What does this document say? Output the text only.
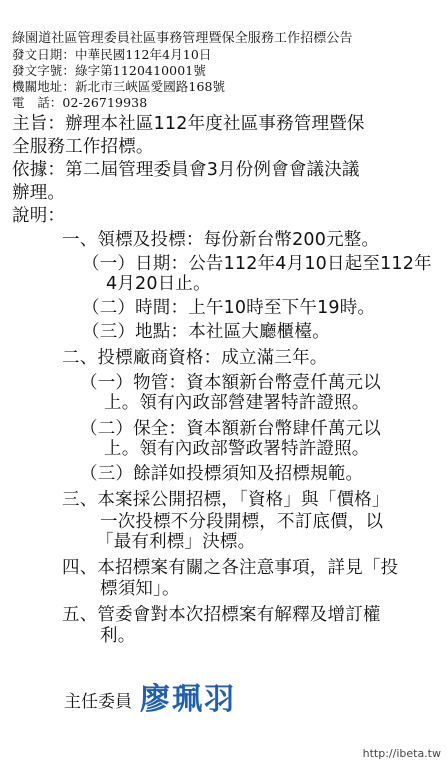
綠園道社區管理委員社區事務管理暨保全服務工作招標公告
發文日期：中華民國112年4月10日
發文字號：綠字第1120410001號
機關地址：新北市三峽區愛國路168號
電　話：02-26719938
主旨：辦理本社區112年度社區事務管理暨保
全服務工作招標。
依據：第二屆管理委員會3月份例會會議決議
辦理。
說明：
一、領標及投標：每份新台幣200元整。
（一）日期：公告112年4月10日起至112年
4月20日止。
（二）時間：上午10時至下午19時。
（三）地點：本社區大廳櫃檯。
二、投標廠商資格：成立滿三年。
（一）物管：資本額新台幣壹仟萬元以
上。領有內政部營建署特許證照。
（二）保全：資本額新台幣肆仟萬元以
上。領有內政部警政署特許證照。
（三）餘詳如投標須知及招標規範。
三、本案採公開招標，「資格」與「價格」
一次投標不分段開標，不訂底價，以
「最有利標」決標。
四、本招標案有關之各注意事項，詳見「投
標須知」。
五、管委會對本次招標案有解釋及增訂權
利。
主任委員 廖珮羽
http://ibeta.tw
